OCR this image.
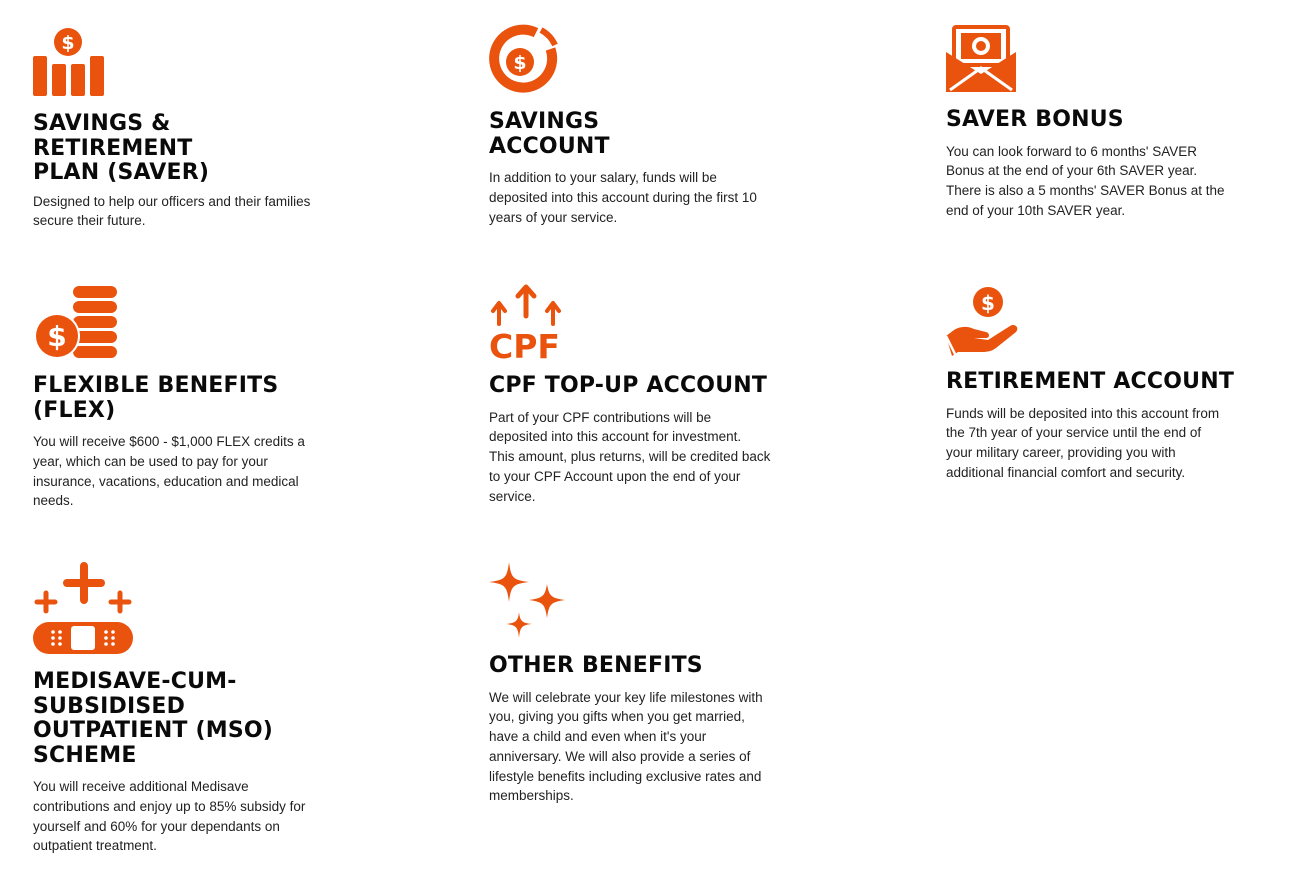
$
SAVINGS &
RETIREMENT
PLAN (SAVER)

Designed to help our officers and their families
secure their future.

$
SAVINGS
ACCOUNT

In addition to your salary, funds will be
deposited into this account during the first 10
years of your service.

SAVER BONUS

You can look forward to 6 months' SAVER
Bonus at the end of your 6th SAVER year.
There is also a 5 months' SAVER Bonus at the
end of your 10th SAVER year.

$
FLEXIBLE BENEFITS
(FLEX)

You will receive $600 - $1,000 FLEX credits a
year, which can be used to pay for your
insurance, vacations, education and medical
needs.

CPF
CPF TOP-UP ACCOUNT

Part of your CPF contributions will be
deposited into this account for investment.
This amount, plus returns, will be credited back
to your CPF Account upon the end of your
service.

$
RETIREMENT ACCOUNT

Funds will be deposited into this account from
the 7th year of your service until the end of
your military career, providing you with
additional financial comfort and security.

MEDISAVE-CUM-
SUBSIDISED
OUTPATIENT (MSO)
SCHEME

You will receive additional Medisave
contributions and enjoy up to 85% subsidy for
yourself and 60% for your dependants on
outpatient treatment.

OTHER BENEFITS

We will celebrate your key life milestones with
you, giving you gifts when you get married,
have a child and even when it's your
anniversary. We will also provide a series of
lifestyle benefits including exclusive rates and
memberships.
